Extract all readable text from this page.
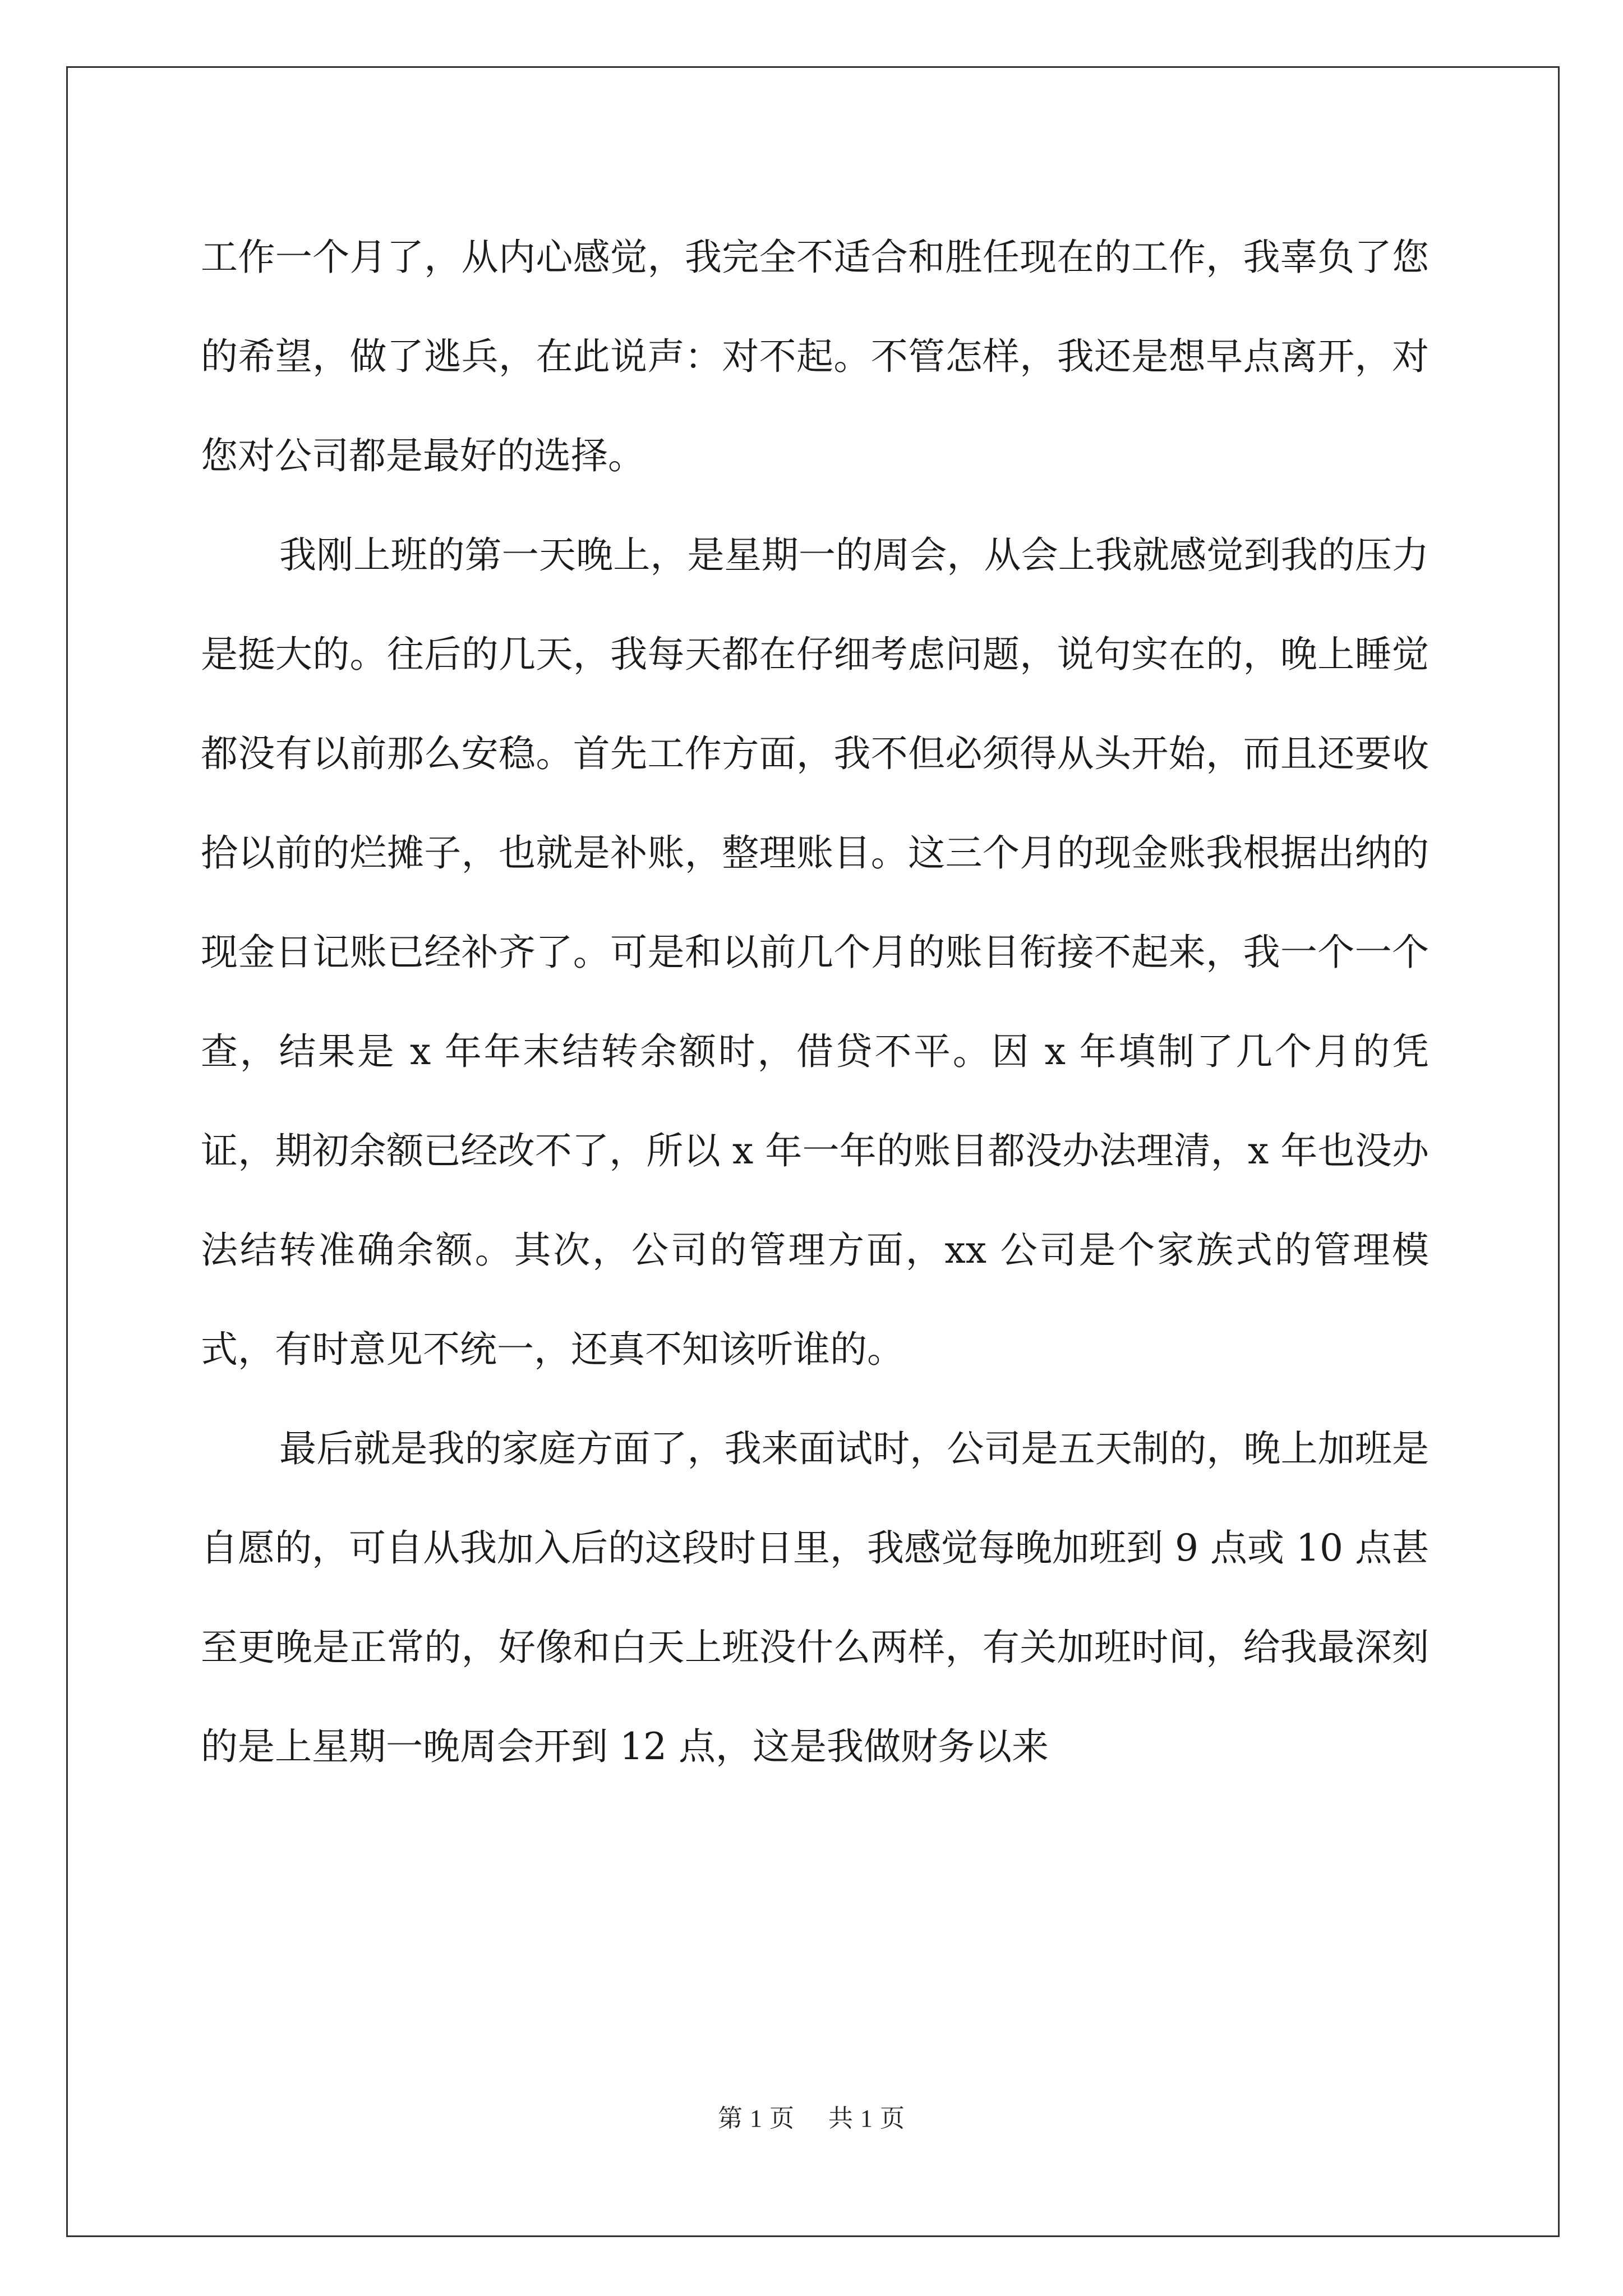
工作一个月了，从内心感觉，我完全不适合和胜任现在的工作，我辜负了您的希望，做了逃兵，在此说声：对不起。不管怎样，我还是想早点离开，对您对公司都是最好的选择。

我刚上班的第一天晚上，是星期一的周会，从会上我就感觉到我的压力是挺大的。往后的几天，我每天都在仔细考虑问题，说句实在的，晚上睡觉都没有以前那么安稳。首先工作方面，我不但必须得从头开始，而且还要收拾以前的烂摊子，也就是补账，整理账目。这三个月的现金账我根据出纳的现金日记账已经补齐了。可是和以前几个月的账目衔接不起来，我一个一个查，结果是 x 年年末结转余额时，借贷不平。因 x 年填制了几个月的凭证，期初余额已经改不了，所以 x 年一年的账目都没办法理清，x 年也没办法结转准确余额。其次，公司的管理方面，xx 公司是个家族式的管理模式，有时意见不统一，还真不知该听谁的。

最后就是我的家庭方面了，我来面试时，公司是五天制的，晚上加班是自愿的，可自从我加入后的这段时日里，我感觉每晚加班到 9 点或 10 点甚至更晚是正常的，好像和白天上班没什么两样，有关加班时间，给我最深刻的是上星期一晚周会开到 12 点，这是我做财务以来

第 1 页 共 1 页
